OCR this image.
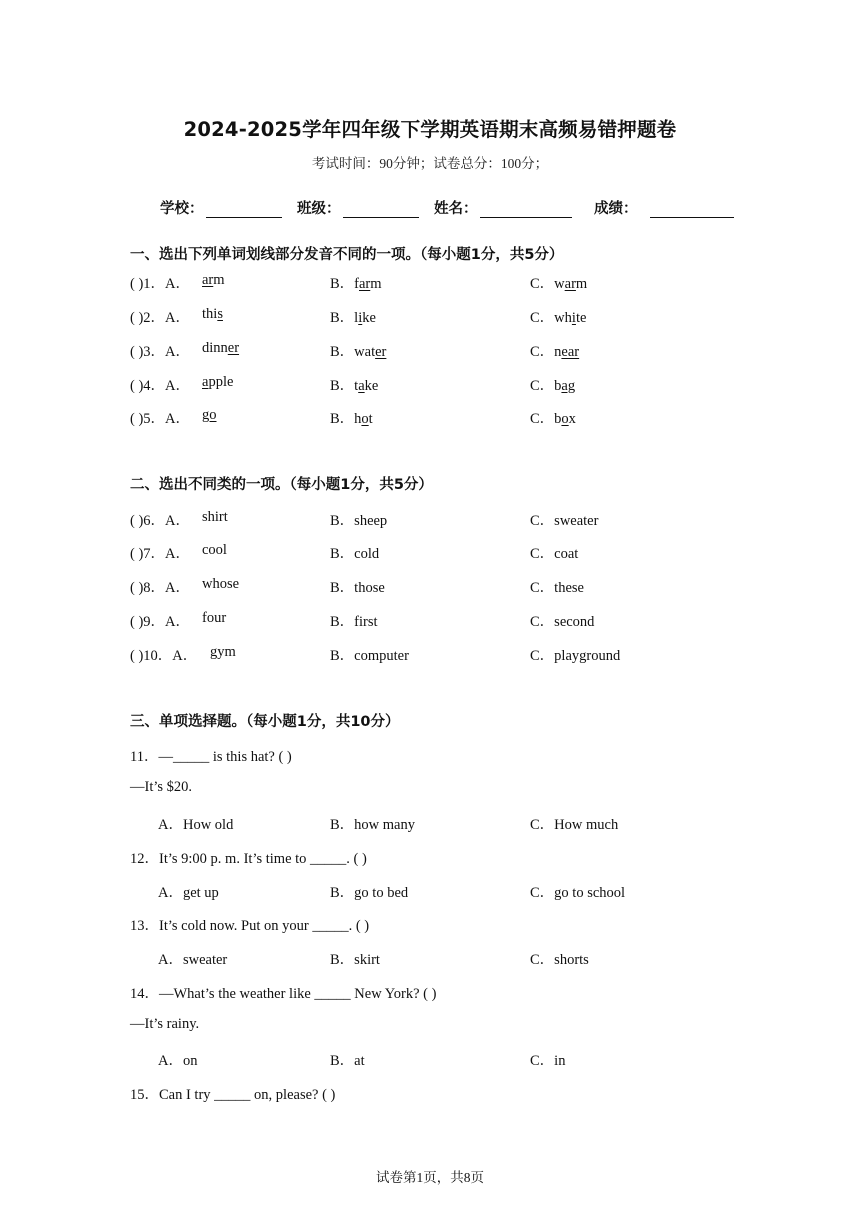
2024-2025学年四年级下学期英语期末高频易错押题卷
考试时间：90分钟；试卷总分：100分；
学校：	班级：	姓名：	成绩：
一、选出下列单词划线部分发音不同的一项。（每小题1分，共5分）
( )1．A． arm	B．farm	C．warm
( )2．A． this	B．like	C．white
( )3．A． dinner	B．water	C．near
( )4．A． apple	B．take	C．bag
( )5．A． go	B．hot	C．box
二、选出不同类的一项。（每小题1分，共5分）
( )6．A． shirt	B．sheep	C．sweater
( )7．A． cool	B．cold	C．coat
( )8．A． whose	B．those	C．these
( )9．A． four	B．first	C．second
( )10．A． gym	B．computer	C．playground
三、单项选择题。（每小题1分，共10分）
11．—_____ is this hat? ( )
—It’s $20.
A．How old	B．how many	C．How much
12．It’s 9:00 p. m. It’s time to _____. ( )
A．get up	B．go to bed	C．go to school
13．It’s cold now. Put on your _____. ( )
A．sweater	B．skirt	C．shorts
14．—What’s the weather like _____ New York? ( )
—It’s rainy.
A．on	B．at	C．in
15．Can I try _____ on, please? ( )
试卷第1页，共8页
